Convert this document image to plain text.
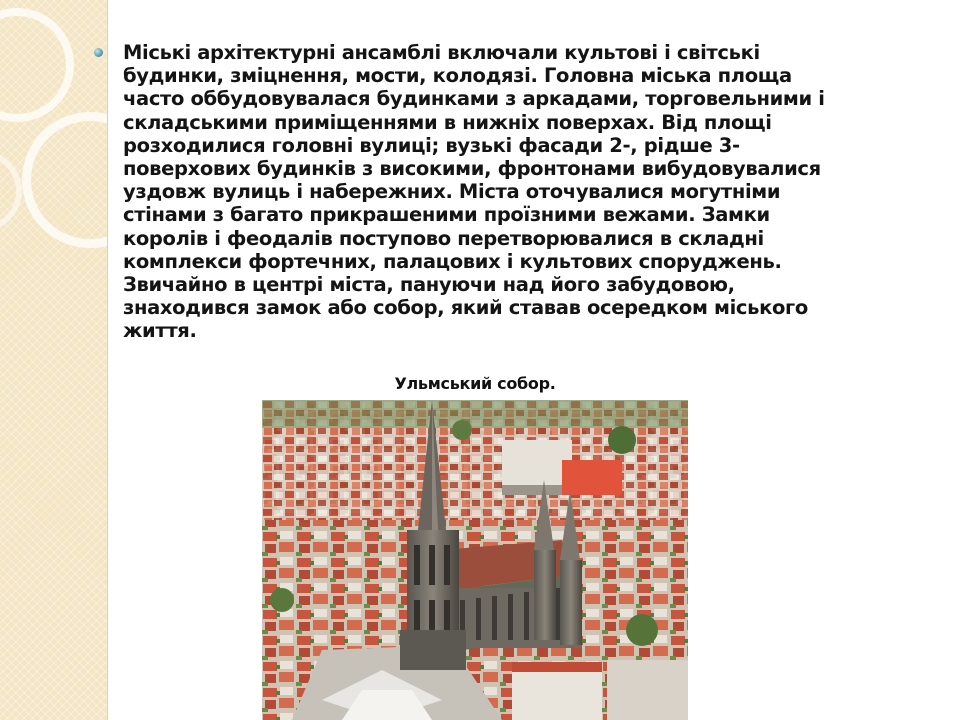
Міські архітектурні ансамблі включали культові і світські будинки, зміцнення, мости, колодязі. Головна міська площа часто оббудовувалася будинками з аркадами, торговельними і складськими приміщеннями в нижніх поверхах. Від площі розходилися головні вулиці; вузькі фасади 2-, рідше 3-поверхових будинків з високими, фронтонами вибудовувалися уздовж вулиць і набережних. Міста оточувалися могутніми стінами з багато прикрашеними проїзними вежами. Замки королів і феодалів поступово перетворювалися в складні комплекси фортечних, палацових і культових споруджень. Звичайно в центрі міста, пануючи над його забудовою, знаходився замок або собор, який ставав осередком міського життя.

Ульмський собор.
